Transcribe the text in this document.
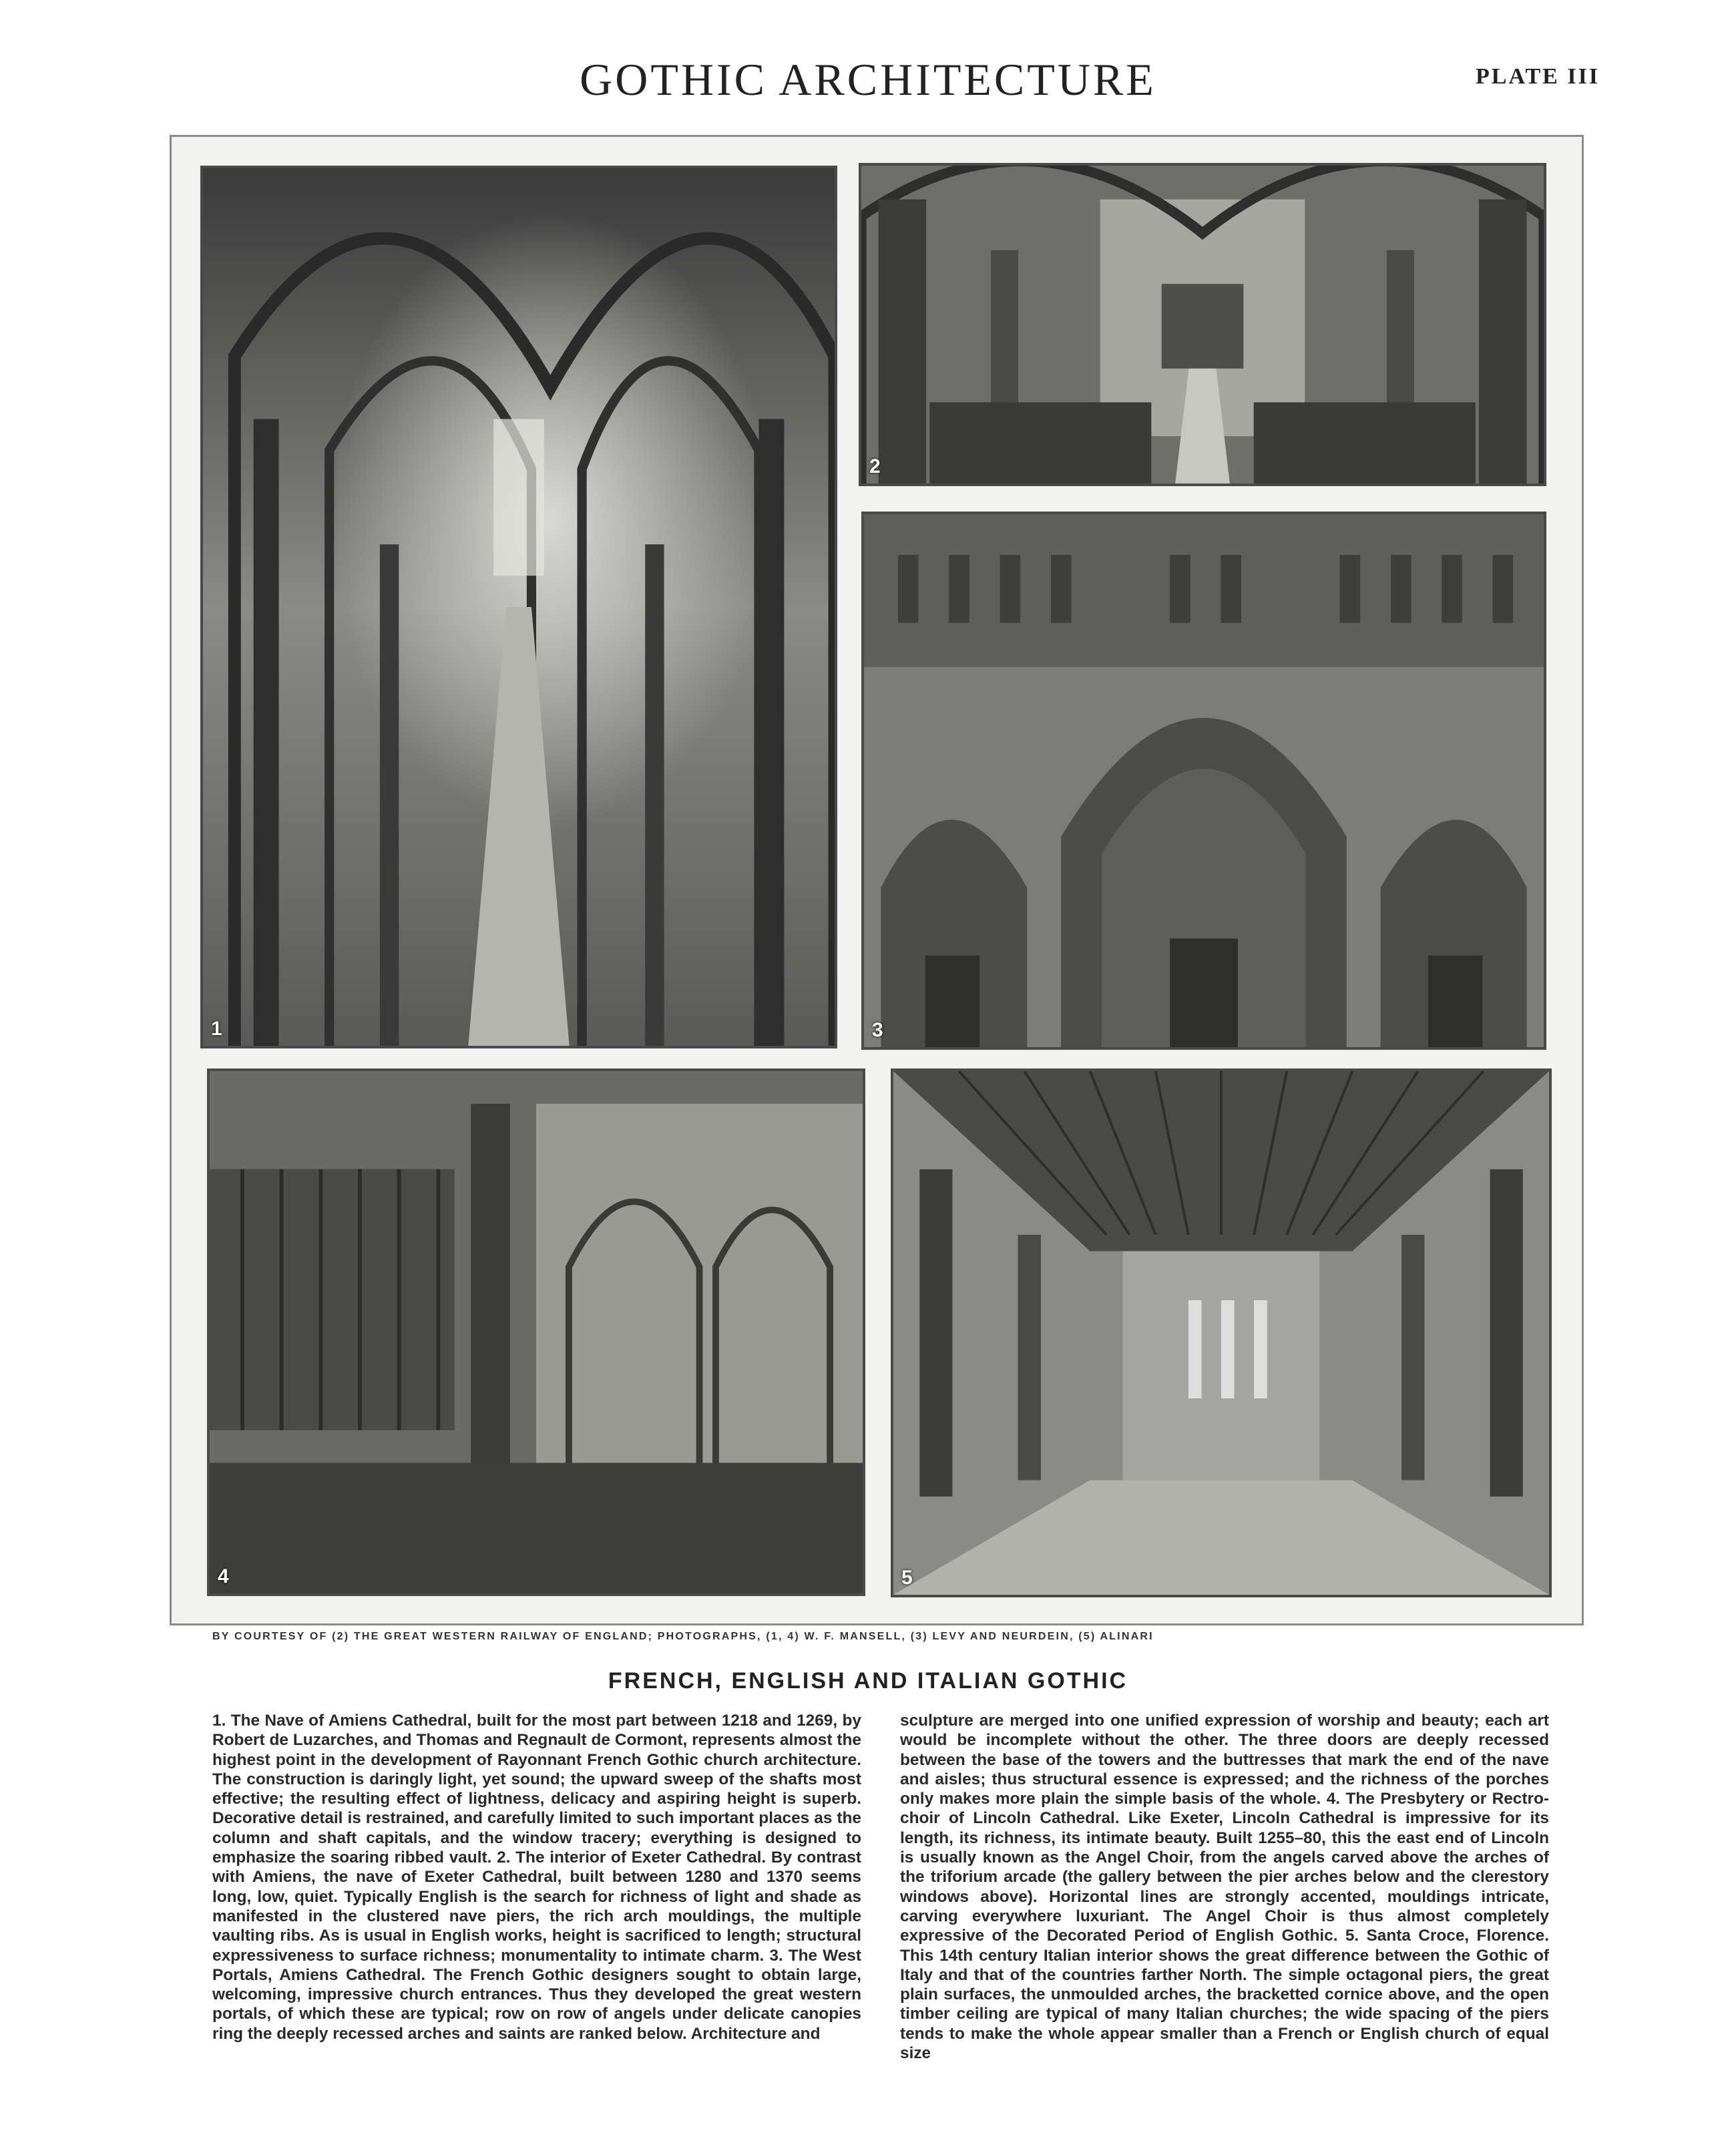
GOTHIC ARCHITECTURE	PLATE III
1
2
3
4	5
BY COURTESY OF (2) THE GREAT WESTERN RAILWAY OF ENGLAND; PHOTOGRAPHS, (1, 4) W. F. MANSELL, (3) LEVY AND NEURDEIN, (5) ALINARI
FRENCH, ENGLISH AND ITALIAN GOTHIC
1. The Nave of Amiens Cathedral, built for the most part between 1218 and 1269, by Robert de Luzarches, and Thomas and Regnault de Cormont, represents almost the highest point in the development of Rayonnant French Gothic church architecture. The construction is daringly light, yet sound; the upward sweep of the shafts most effective; the resulting effect of lightness, delicacy and aspiring height is superb. Decorative detail is restrained, and carefully limited to such important places as the column and shaft capitals, and the window tracery; everything is designed to emphasize the soaring ribbed vault. 2. The interior of Exeter Cathedral. By contrast with Amiens, the nave of Exeter Cathedral, built between 1280 and 1370 seems long, low, quiet. Typically English is the search for richness of light and shade as manifested in the clustered nave piers, the rich arch mouldings, the multiple vaulting ribs. As is usual in English works, height is sacrificed to length; structural expressiveness to surface richness; monumentality to intimate charm. 3. The West Portals, Amiens Cathedral. The French Gothic designers sought to obtain large, welcoming, impressive church entrances. Thus they developed the great western portals, of which these are typical; row on row of angels under delicate canopies ring the deeply recessed arches and saints are ranked below. Architecture and
sculpture are merged into one unified expression of worship and beauty; each art would be incomplete without the other. The three doors are deeply recessed between the base of the towers and the buttresses that mark the end of the nave and aisles; thus structural essence is expressed; and the richness of the porches only makes more plain the simple basis of the whole. 4. The Presbytery or Rectro-choir of Lincoln Cathedral. Like Exeter, Lincoln Cathedral is impressive for its length, its richness, its intimate beauty. Built 1255–80, this the east end of Lincoln is usually known as the Angel Choir, from the angels carved above the arches of the triforium arcade (the gallery between the pier arches below and the clerestory windows above). Horizontal lines are strongly accented, mouldings intricate, carving everywhere luxuriant. The Angel Choir is thus almost completely expressive of the Decorated Period of English Gothic. 5. Santa Croce, Florence. This 14th century Italian interior shows the great difference between the Gothic of Italy and that of the countries farther North. The simple octagonal piers, the great plain surfaces, the unmoulded arches, the bracketted cornice above, and the open timber ceiling are typical of many Italian churches; the wide spacing of the piers tends to make the whole appear smaller than a French or English church of equal size
